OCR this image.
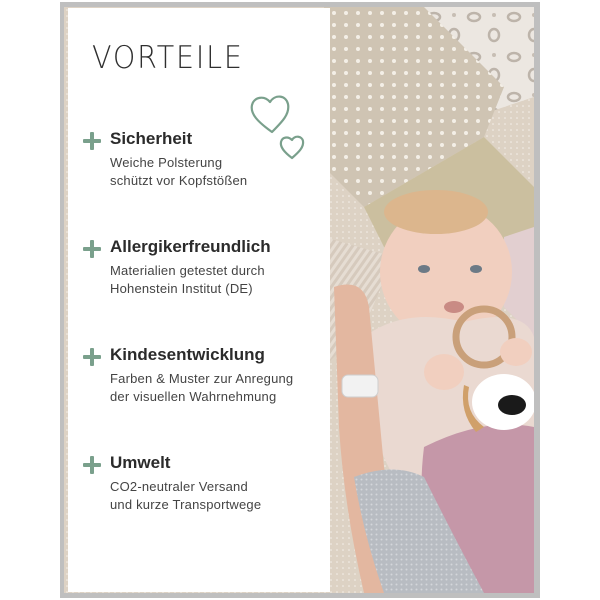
VORTEILE
Sicherheit
Weiche Polsterung
schützt vor Kopfstößen
Allergikerfreundlich
Materialien getestet durch
Hohenstein Institut (DE)
Kindesentwicklung
Farben & Muster zur Anregung
der visuellen Wahrnehmung
Umwelt
CO2-neutraler Versand
und kurze Transportwege
